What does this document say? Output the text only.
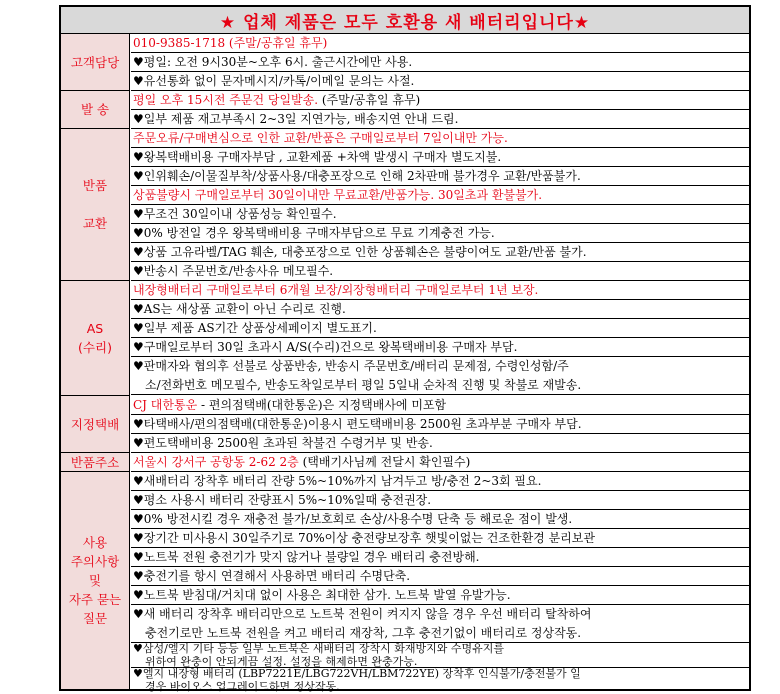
★ 업체 제품은 모두 호환용 새 배터리입니다★
고객담당
발 송
반품
교환
AS
(수리)
지정택배
반품주소
사용
주의사항
및
자주 묻는
질문
010-9385-1718 (주말/공휴일 휴무)
♥평일: 오전 9시30분~오후 6시. 출근시간에만 사용.
♥유선통화 없이 문자메시지/카톡/이메일 문의는 사절.
평일 오후 15시전 주문건 당일발송. (주말/공휴일 휴무)
♥일부 제품 재고부족시 2~3일 지연가능, 배송지연 안내 드림.
주문오류/구매변심으로 인한 교환/반품은 구매일로부터 7일이내만 가능.
♥왕복택배비용 구매자부담 , 교환제품 +차액 발생시 구매자 별도지불.
♥인위훼손/이물질부착/상품사용/대충포장으로 인해 2차판매 불가경우 교환/반품불가.
상품불량시 구매일로부터 30일이내만 무료교환/반품가능. 30일초과 환불불가.
♥무조건 30일이내 상품성능 확인필수.
♥0% 방전일 경우 왕복택배비용 구매자부담으로 무료 기계충전 가능.
♥상품 고유라벨/TAG 훼손, 대충포장으로 인한 상품훼손은 불량이여도 교환/반품 불가.
♥반송시 주문번호/반송사유 메모필수.
내장형배터리 구매일로부터 6개월 보장/외장형배터리 구매일로부터 1년 보장.
♥AS는 새상품 교환이 아닌 수리로 진행.
♥일부 제품 AS기간 상품상세페이지 별도표기.
♥구매일로부터 30일 초과시 A/S(수리)건으로 왕복택배비용 구매자 부담.
♥판매자와 협의후 선불로 상품반송, 반송시 주문번호/배터리 문제점, 수령인성함/주
소/전화번호 메모필수, 반송도착일로부터 평일 5일내 순차적 진행 및 착불로 재발송.
CJ 대한통운 - 편의점택배(대한통운)은 지정택배사에 미포함
♥타택배사/편의점택배(대한통운)이용시 편도택배비용 2500원 초과부분 구매자 부담.
♥편도택배비용 2500원 초과된 착불건 수령거부 및 반송.
서울시 강서구 공항동 2-62 2층 (택배기사님께 전달시 확인필수)
♥새배터리 장착후 배터리 잔량 5%~10%까지 남겨두고 방/충전 2~3회 필요.
♥평소 사용시 배터리 잔량표시 5%~10%일때 충전권장.
♥0% 방전시킬 경우 재충전 불가/보호회로 손상/사용수명 단축 등 해로운 점이 발생.
♥장기간 미사용시 30일주기로 70%이상 충전량보장후 햇빛이없는 건조한환경 분리보관
♥노트북 전원 충전기가 맞지 않거나 불량일 경우 배터리 충전방해.
♥충전기를 항시 연결해서 사용하면 배터리 수명단축.
♥노트북 받침대/거치대 없이 사용은 최대한 삼가. 노트북 발열 유발가능.
♥새 배터리 장착후 배터리만으로 노트북 전원이 켜지지 않을 경우 우선 배터리 탈착하여
충전기로만 노트북 전원을 켜고 배터리 재장착, 그후 충전기없이 배터리로 정상작동.
♥삼성/엘지 기타 등등 일부 노트북은 새배터리 장착시 화재방지와 수명유지를
위하여 완충이 안되게끔 설정. 설정을 해제하면 완충가능.
♥엘지 내장형 배터리 (LBP7221E/LBG722VH/LBM722YE) 장착후 인식불가/충전불가 일
경우 바이오스 업그레이드하면 정상작동.
